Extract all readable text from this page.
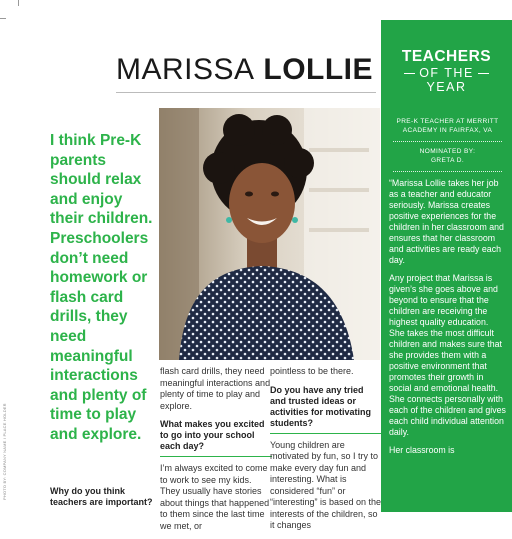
MARISSA LOLLIE
I think Pre-K parents should relax and enjoy their children. Preschoolers don’t need homework or flash card drills, they need meaningful interactions and plenty of time to play and explore.

flash card drills, they need meaningful interactions and plenty of time to play and explore.

What makes you excited to go into your school each day?

I’m always excited to come to work to see my kids. They usually have stories about things that happened to them since the last time we met, or

pointless to be there.

Do you have any tried and trusted ideas or activities for motivating students?

Young children are motivated by fun, so I try to make every day fun and interesting. What is considered “fun” or “interesting” is based on the interests of the children, so it changes

Why do you think teachers are important?
PHOTO BY: COMPANY NAME / PLACE HOLDER
TEACHERS
OF THE
YEAR
PRE-K TEACHER AT MERRITT ACADEMY IN FAIRFAX, VA
NOMINATED BY:
GRETA D.

“Marissa Lollie takes her job as a teacher and educator seriously. Marissa creates positive experiences for the children in her classroom and ensures that her classroom and activities are ready each day.

Any project that Marissa is given’s she goes above and beyond to ensure that the children are receiving the highest quality education. She takes the most difficult children and makes sure that she provides them with a positive environment that promotes their growth in social and emotional health. She connects personally with each of the children and gives each child individual attention daily.

Her classroom is
